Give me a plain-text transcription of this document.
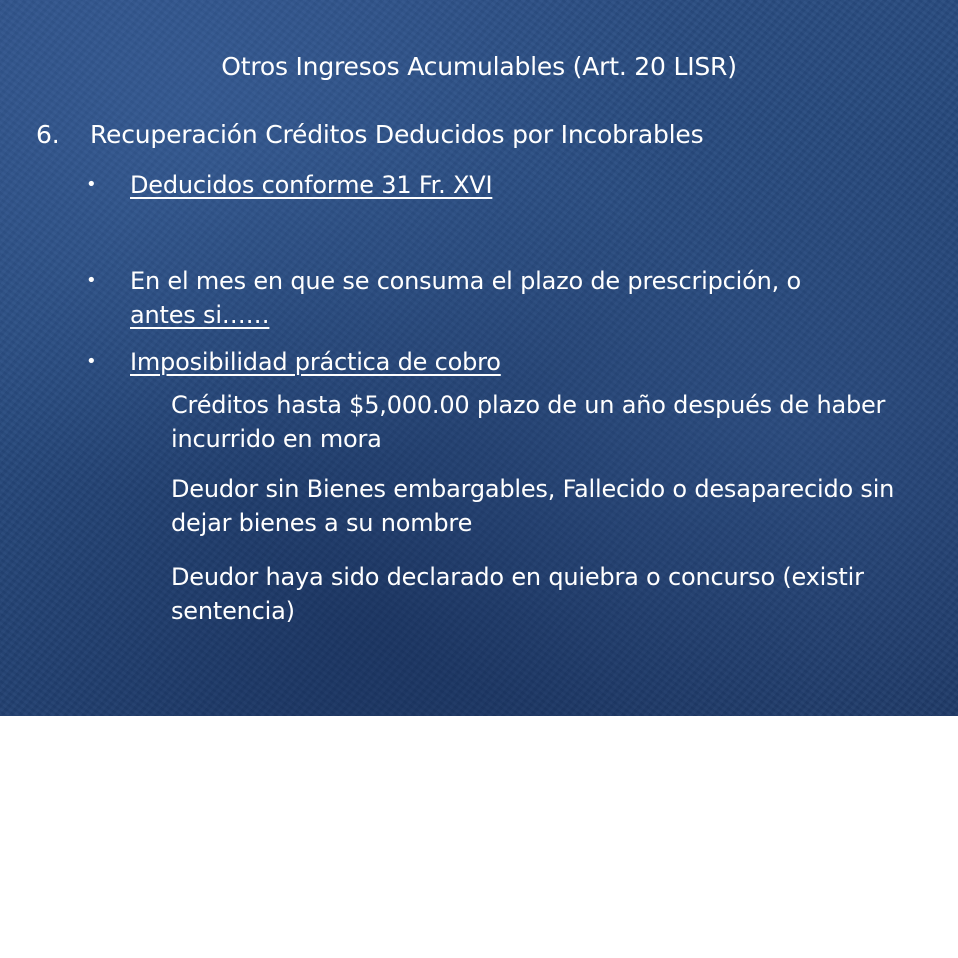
Otros Ingresos Acumulables (Art. 20 LISR)
6. Recuperación Créditos Deducidos por Incobrables
• Deducidos conforme 31 Fr. XVI
• En el mes en que se consuma el plazo de prescripción, o
antes si……
• Imposibilidad práctica de cobro
Créditos hasta $5,000.00 plazo de un año después de haber incurrido en mora
Deudor sin Bienes embargables, Fallecido o desaparecido sin dejar bienes a su nombre
Deudor haya sido declarado en quiebra o concurso (existir sentencia)
